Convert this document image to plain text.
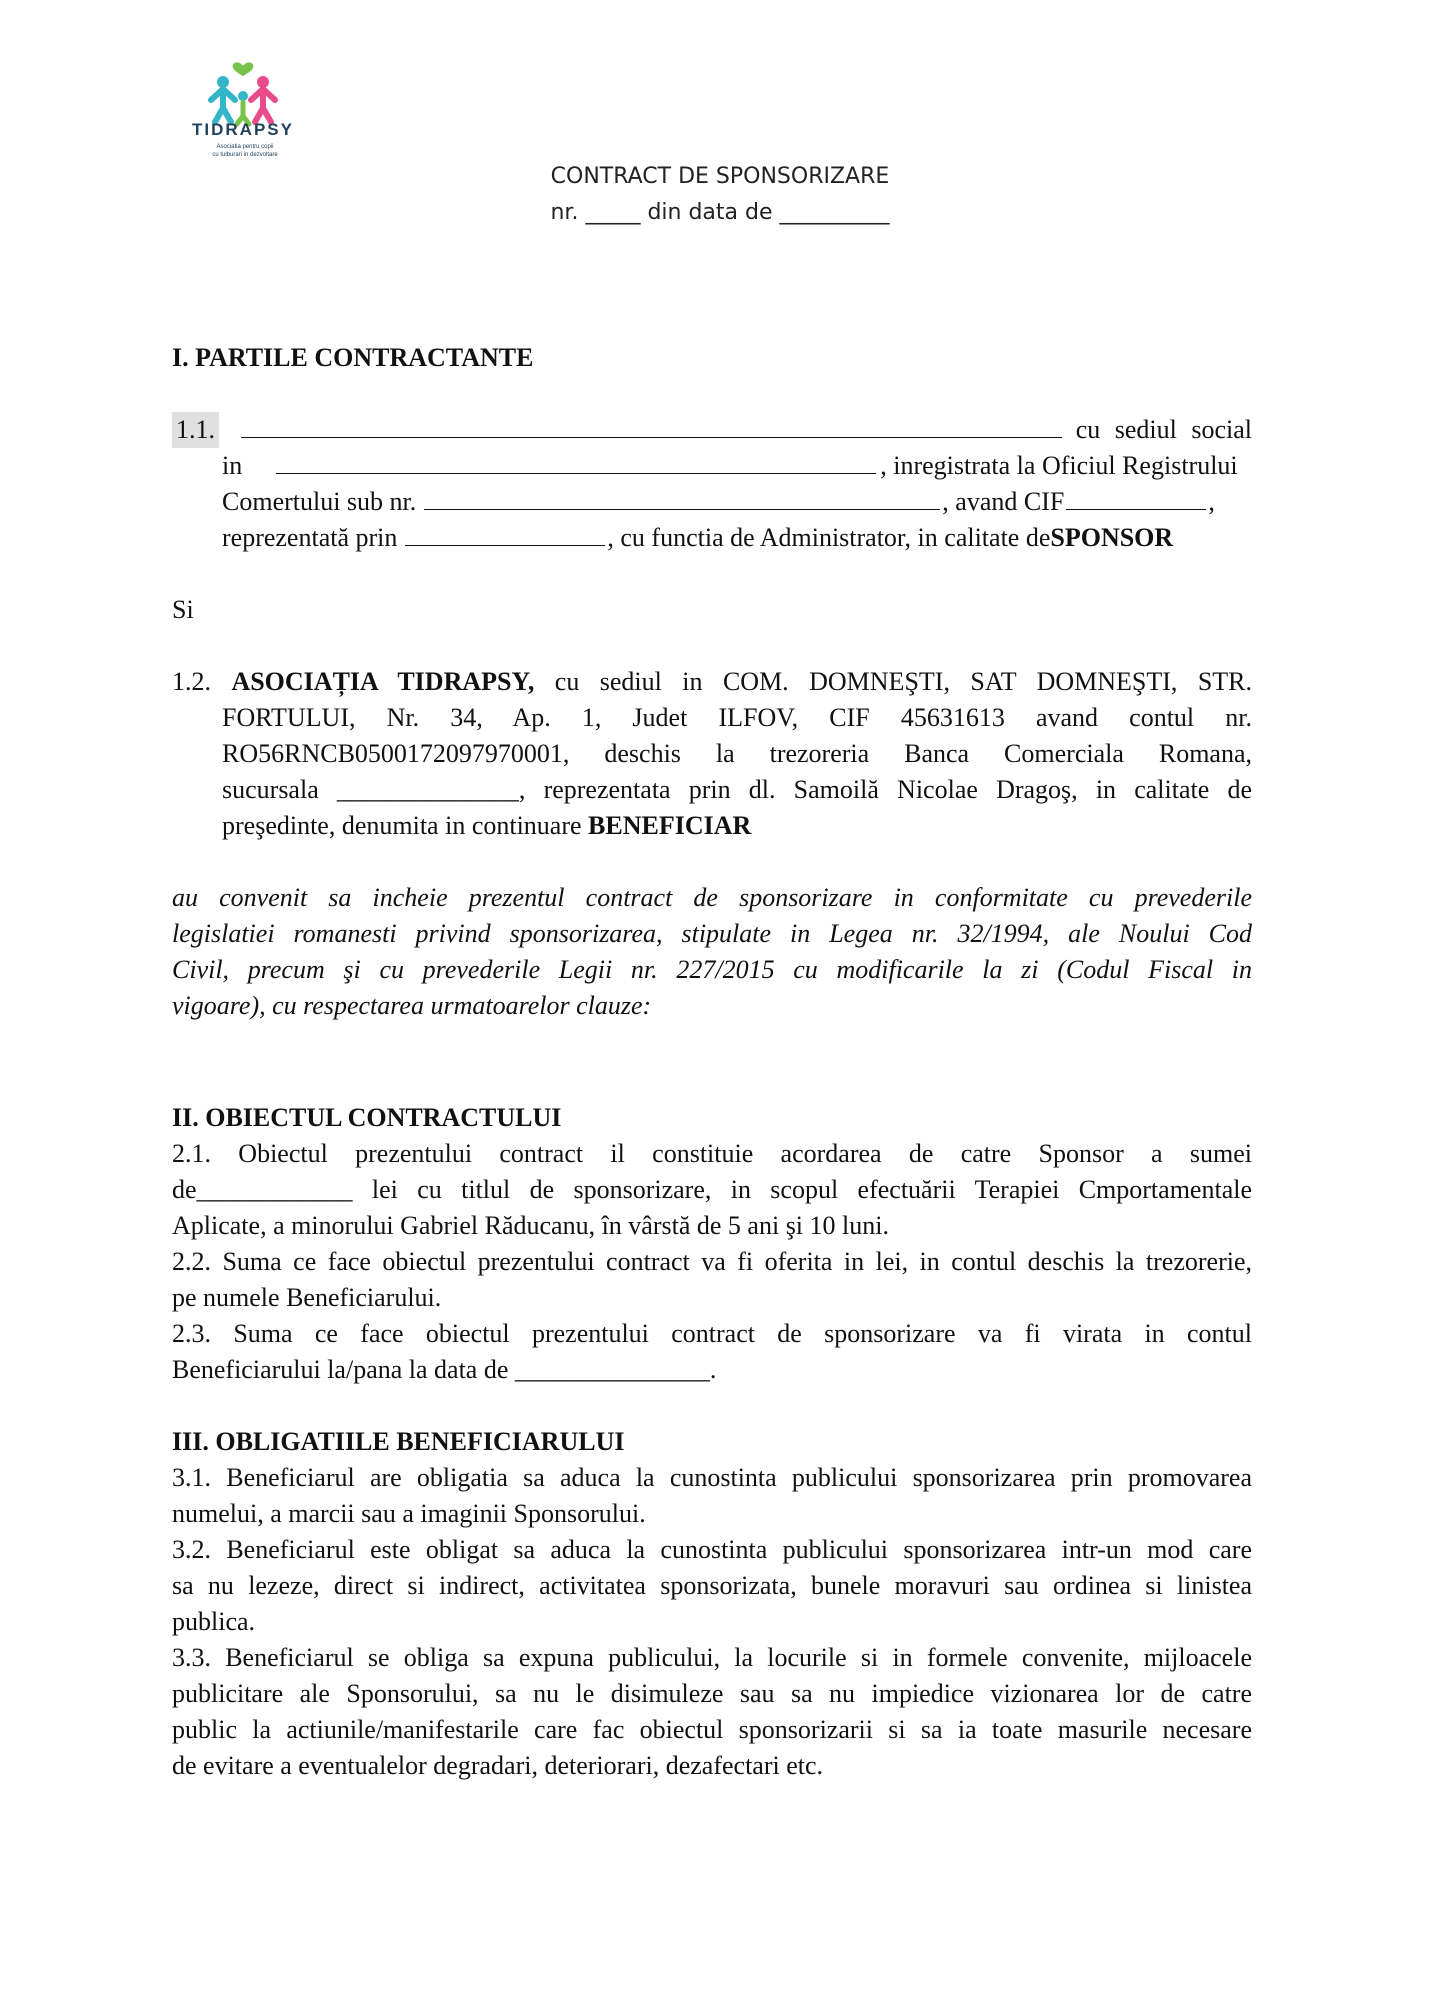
TIDRAPSY
Asociatia pentru copii
cu tulburari in dezvoltare
CONTRACT DE SPONSORIZARE
nr. _____ din data de __________
I. PARTILE CONTRACTANTE
1.1.	cu sediul social
in	, inregistrata la Oficiul Registrului
Comertului sub nr.	, avand CIF	,
reprezentată prin	, cu functia de Administrator, in calitate de SPONSOR
Si
1.2. ASOCIAȚIA TIDRAPSY, cu sediul in COM. DOMNEŞTI, SAT DOMNEŞTI, STR.
FORTULUI, Nr. 34, Ap. 1, Judet ILFOV, CIF 45631613 avand contul nr.
RO56RNCB0500172097970001, deschis la trezoreria Banca Comerciala Romana,
sucursala ______________, reprezentata prin dl. Samoilă Nicolae Dragoş, in calitate de
preşedinte, denumita in continuare BENEFICIAR
au convenit sa incheie prezentul contract de sponsorizare in conformitate cu prevederile
legislatiei romanesti privind sponsorizarea, stipulate in Legea nr. 32/1994, ale Noului Cod
Civil, precum şi cu prevederile Legii nr. 227/2015 cu modificarile la zi (Codul Fiscal in
vigoare), cu respectarea urmatoarelor clauze:
II. OBIECTUL CONTRACTULUI
2.1. Obiectul prezentului contract il constituie acordarea de catre Sponsor a sumei
de____________ lei cu titlul de sponsorizare, in scopul efectuării Terapiei Cmportamentale
Aplicate, a minorului Gabriel Răducanu, în vârstă de 5 ani şi 10 luni.
2.2. Suma ce face obiectul prezentului contract va fi oferita in lei, in contul deschis la trezorerie,
pe numele Beneficiarului.
2.3. Suma ce face obiectul prezentului contract de sponsorizare va fi virata in contul
Beneficiarului la/pana la data de _______________.
III. OBLIGATIILE BENEFICIARULUI
3.1. Beneficiarul are obligatia sa aduca la cunostinta publicului sponsorizarea prin promovarea
numelui, a marcii sau a imaginii Sponsorului.
3.2. Beneficiarul este obligat sa aduca la cunostinta publicului sponsorizarea intr-un mod care
sa nu lezeze, direct si indirect, activitatea sponsorizata, bunele moravuri sau ordinea si linistea
publica.
3.3. Beneficiarul se obliga sa expuna publicului, la locurile si in formele convenite, mijloacele
publicitare ale Sponsorului, sa nu le disimuleze sau sa nu impiedice vizionarea lor de catre
public la actiunile/manifestarile care fac obiectul sponsorizarii si sa ia toate masurile necesare
de evitare a eventualelor degradari, deteriorari, dezafectari etc.
